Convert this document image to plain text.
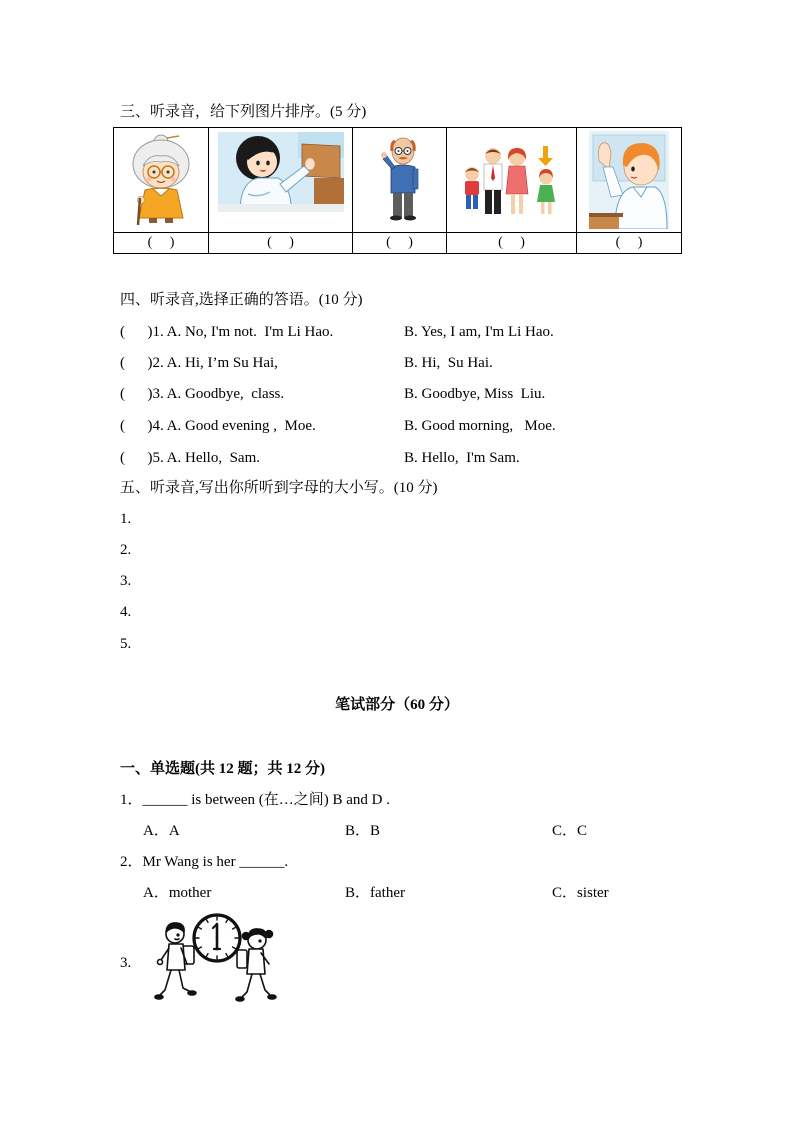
三、听录音，给下列图片排序。(5 分)

(     )	(     )	(     )	(     )	(     )
四、听录音,选择正确的答语。(10 分)
(      )1. A. No, I'm not.  I'm Li Hao.	B. Yes, I am, I'm Li Hao.
(      )2. A. Hi, I’m Su Hai,	B. Hi,  Su Hai.
(      )3. A. Goodbye,  class.	B. Goodbye, Miss  Liu.
(      )4. A. Good evening ,  Moe.	B. Good morning,   Moe.
(      )5. A. Hello,  Sam.	B. Hello,  I'm Sam.
五、听录音,写出你所听到字母的大小写。(10 分)
1.
2.
3.
4.
5.
笔试部分（60 分）
一、单选题(共 12 题；共 12 分)
1．______ is between (在…之间) B and D .
A．A	B．B	C．C
2．Mr Wang is her ______.
A．mother	B．father	C．sister
3.
